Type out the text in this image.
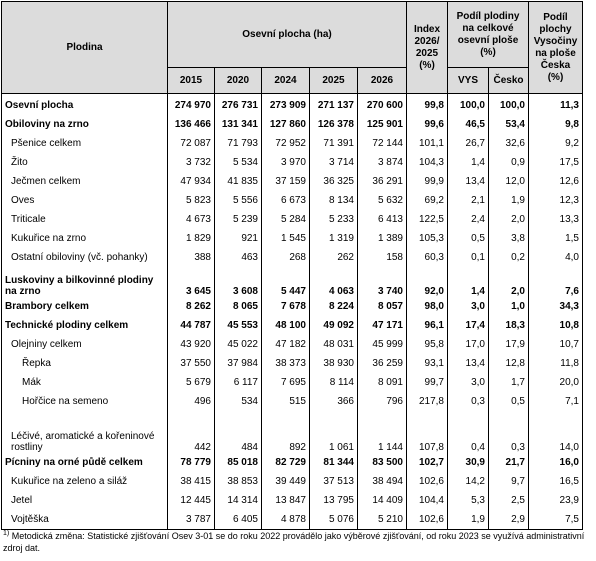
Plodina	Osevní plocha (ha)					Index 2026/ 2025 (%)	Podíl plodiny na celkové osevní ploše (%)		Podíl plochy Vysočiny na ploše Česka (%)
	2015	2020	2024	2025	2026		VYS	Česko	

Osevní plocha	274 970	276 731	273 909	271 137	270 600	99,8	100,0	100,0	11,3

Obiloviny na zrno	136 466	131 341	127 860	126 378	125 901	99,6	46,5	53,4	9,8

Pšenice celkem	72 087	71 793	72 952	71 391	72 144	101,1	26,7	32,6	9,2

Žito	3 732	5 534	3 970	3 714	3 874	104,3	1,4	0,9	17,5

Ječmen celkem	47 934	41 835	37 159	36 325	36 291	99,9	13,4	12,0	12,6

Oves	5 823	5 556	6 673	8 134	5 632	69,2	2,1	1,9	12,3

Triticale	4 673	5 239	5 284	5 233	6 413	122,5	2,4	2,0	13,3

Kukuřice na zrno	1 829	921	1 545	1 319	1 389	105,3	0,5	3,8	1,5

Ostatní obiloviny (vč. pohanky)	388	463	268	262	158	60,3	0,1	0,2	4,0

Luskoviny a bilkovinné plodiny na zrno	3 645	3 608	5 447	4 063	3 740	92,0	1,4	2,0	7,6

Brambory celkem	8 262	8 065	7 678	8 224	8 057	98,0	3,0	1,0	34,3

Technické plodiny celkem	44 787	45 553	48 100	49 092	47 171	96,1	17,4	18,3	10,8

Olejniny celkem	43 920	45 022	47 182	48 031	45 999	95,8	17,0	17,9	10,7

Řepka	37 550	37 984	38 373	38 930	36 259	93,1	13,4	12,8	11,8

Mák	5 679	6 117	7 695	8 114	8 091	99,7	3,0	1,7	20,0

Hořčice na semeno	496	534	515	366	796	217,8	0,3	0,5	7,1

Léčivé, aromatické a kořeninové rostliny	442	484	892	1 061	1 144	107,8	0,4	0,3	14,0

Pícniny na orné půdě celkem	78 779	85 018	82 729	81 344	83 500	102,7	30,9	21,7	16,0

Kukuřice na zeleno a siláž	38 415	38 853	39 449	37 513	38 494	102,6	14,2	9,7	16,5

Jetel	12 445	14 314	13 847	13 795	14 409	104,4	5,3	2,5	23,9

Vojtěška	3 787	6 405	4 878	5 076	5 210	102,6	1,9	2,9	7,5
$^{1)}$ Metodická změna: Statistické zjišťování Osev 3-01 se do roku 2022 provádělo jako výběrové zjišťování, od roku 2023 se využívá administrativní zdroj dat.
